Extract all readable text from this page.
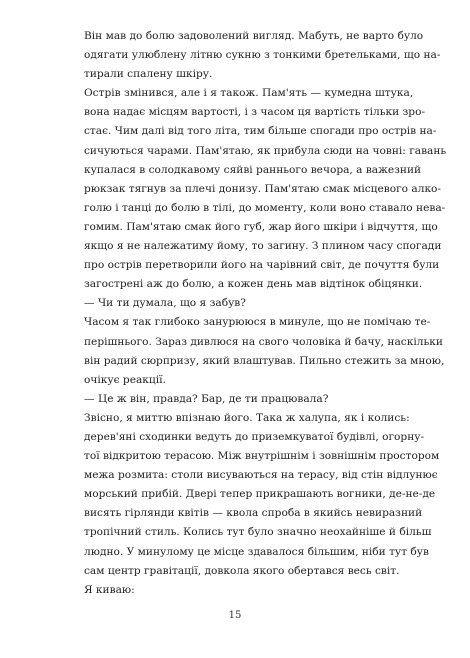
Він мав до болю задоволений вигляд. Мабуть, не варто було
одягати улюблену літню сукню з тонкими бретельками, що на-
тирали спалену шкіру.

Острів змінився, але і я також. Пам'ять — кумедна штука,
вона надає місцям вартості, і з часом ця вартість тільки зро-
стає. Чим далі від того літа, тим більше спогади про острів на-
сичуються чарами. Пам'ятаю, як прибула сюди на човні: гавань
купалася в солодкавому сяйві раннього вечора, а важезний
рюкзак тягнув за плечі донизу. Пам'ятаю смак місцевого алко-
голю і танці до болю в тілі, до моменту, коли воно ставало нева-
гомим. Пам'ятаю смак його губ, жар його шкіри і відчуття, що
якщо я не належатиму йому, то загину. З плином часу спогади
про острів перетворили його на чарівний світ, де почуття були
загострені аж до болю, а кожен день мав відтінок обіцянки.

— Чи ти думала, що я забув?

Часом я так глибоко занурююся в минуле, що не помічаю те-
перішнього. Зараз дивлюся на свого чоловіка й бачу, наскільки
він радий сюрпризу, який влаштував. Пильно стежить за мною,
очікує реакції.

— Це ж він, правда? Бар, де ти працювала?

Звісно, я миттю впізнаю його. Така ж халупа, як і колись:
дерев'яні сходинки ведуть до приземкуватої будівлі, огорну-
тої відкритою терасою. Між внутрішнім і зовнішнім простором
межа розмита: столи висуваються на терасу, від стін відлунює
морський прибій. Двері тепер прикрашають вогники, де-не-де
висять гірлянди квітів — квола спроба в якийсь невиразний
тропічний стиль. Колись тут було значно неохайніше й більш
людно. У минулому це місце здавалося більшим, ніби тут був
сам центр гравітації, довкола якого обертався весь світ.

Я киваю:

15
